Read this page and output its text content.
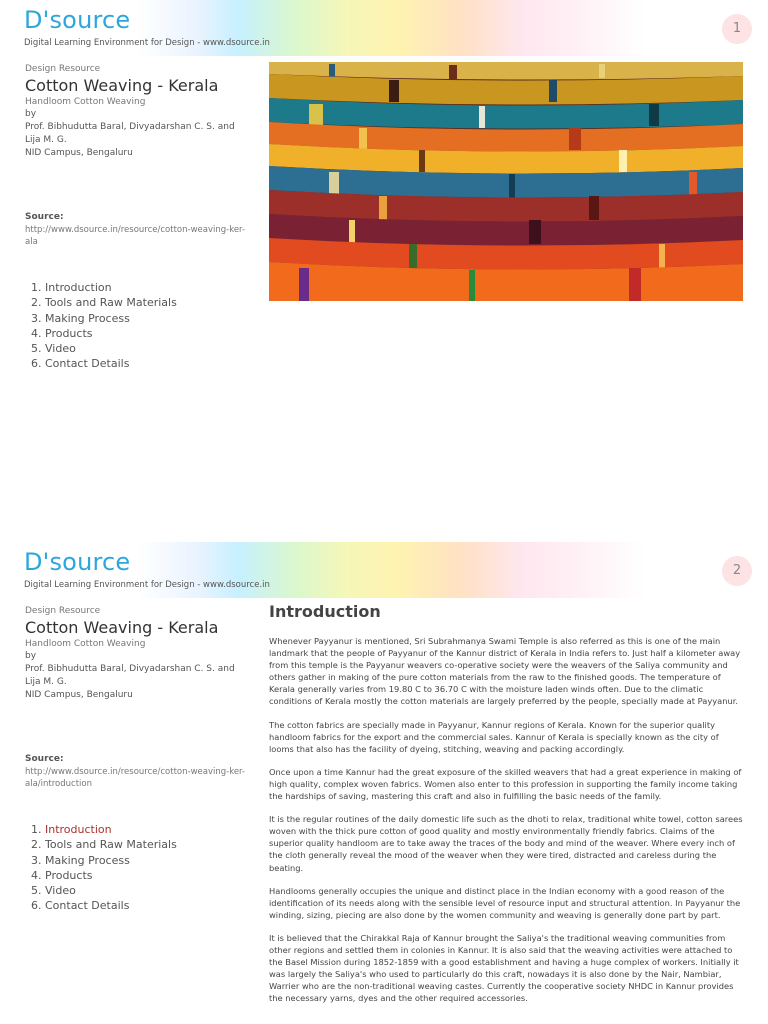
D'source
Digital Learning Environment for Design - www.dsource.in
1
Design Resource
Cotton Weaving - Kerala
Handloom Cotton Weaving
by
Prof. Bibhudutta Baral, Divyadarshan C. S. and
Lija M. G.
NID Campus, Bengaluru
Source:
http://www.dsource.in/resource/cotton-weaving-ker-ala
1. Introduction
2. Tools and Raw Materials
3. Making Process
4. Products
5. Video
6. Contact Details
D'source
Digital Learning Environment for Design - www.dsource.in
2
Design Resource
Cotton Weaving - Kerala
Handloom Cotton Weaving
by
Prof. Bibhudutta Baral, Divyadarshan C. S. and
Lija M. G.
NID Campus, Bengaluru
Source:
http://www.dsource.in/resource/cotton-weaving-ker-ala/introduction
1. Introduction
2. Tools and Raw Materials
3. Making Process
4. Products
5. Video
6. Contact Details
Introduction

Whenever Payyanur is mentioned, Sri Subrahmanya Swami Temple is also referred as this is one of the main landmark that the people of Payyanur of the Kannur district of Kerala in India refers to. Just half a kilometer away from this temple is the Payyanur weavers co-operative society were the weavers of the Saliya community and others gather in making of the pure cotton materials from the raw to the finished goods. The temperature of Kerala generally varies from 19.80 C to 36.70 C with the moisture laden winds often. Due to the climatic conditions of Kerala mostly the cotton materials are largely preferred by the people, specially made at Payyanur.

The cotton fabrics are specially made in Payyanur, Kannur regions of Kerala. Known for the superior quality handloom fabrics for the export and the commercial sales. Kannur of Kerala is specially known as the city of looms that also has the facility of dyeing, stitching, weaving and packing accordingly.

Once upon a time Kannur had the great exposure of the skilled weavers that had a great experience in making of high quality, complex woven fabrics. Women also enter to this profession in supporting the family income taking the hardships of saving, mastering this craft and also in fulfilling the basic needs of the family.

It is the regular routines of the daily domestic life such as the dhoti to relax, traditional white towel, cotton sarees woven with the thick pure cotton of good quality and mostly environmentally friendly fabrics. Claims of the superior quality handloom are to take away the traces of the body and mind of the weaver. Where every inch of the cloth generally reveal the mood of the weaver when they were tired, distracted and careless during the beating.

Handlooms generally occupies the unique and distinct place in the Indian economy with a good reason of the identification of its needs along with the sensible level of resource input and structural attention. In Payyanur the winding, sizing, piecing are also done by the women community and weaving is generally done part by part.

It is believed that the Chirakkal Raja of Kannur brought the Saliya's the traditional weaving communities from other regions and settled them in colonies in Kannur. It is also said that the weaving activities were attached to the Basel Mission during 1852-1859 with a good establishment and having a huge complex of workers. Initially it was largely the Saliya's who used to particularly do this craft, nowadays it is also done by the Nair, Nambiar, Warrier who are the non-traditional weaving castes. Currently the cooperative society NHDC in Kannur provides the necessary yarns, dyes and the other required accessories.
